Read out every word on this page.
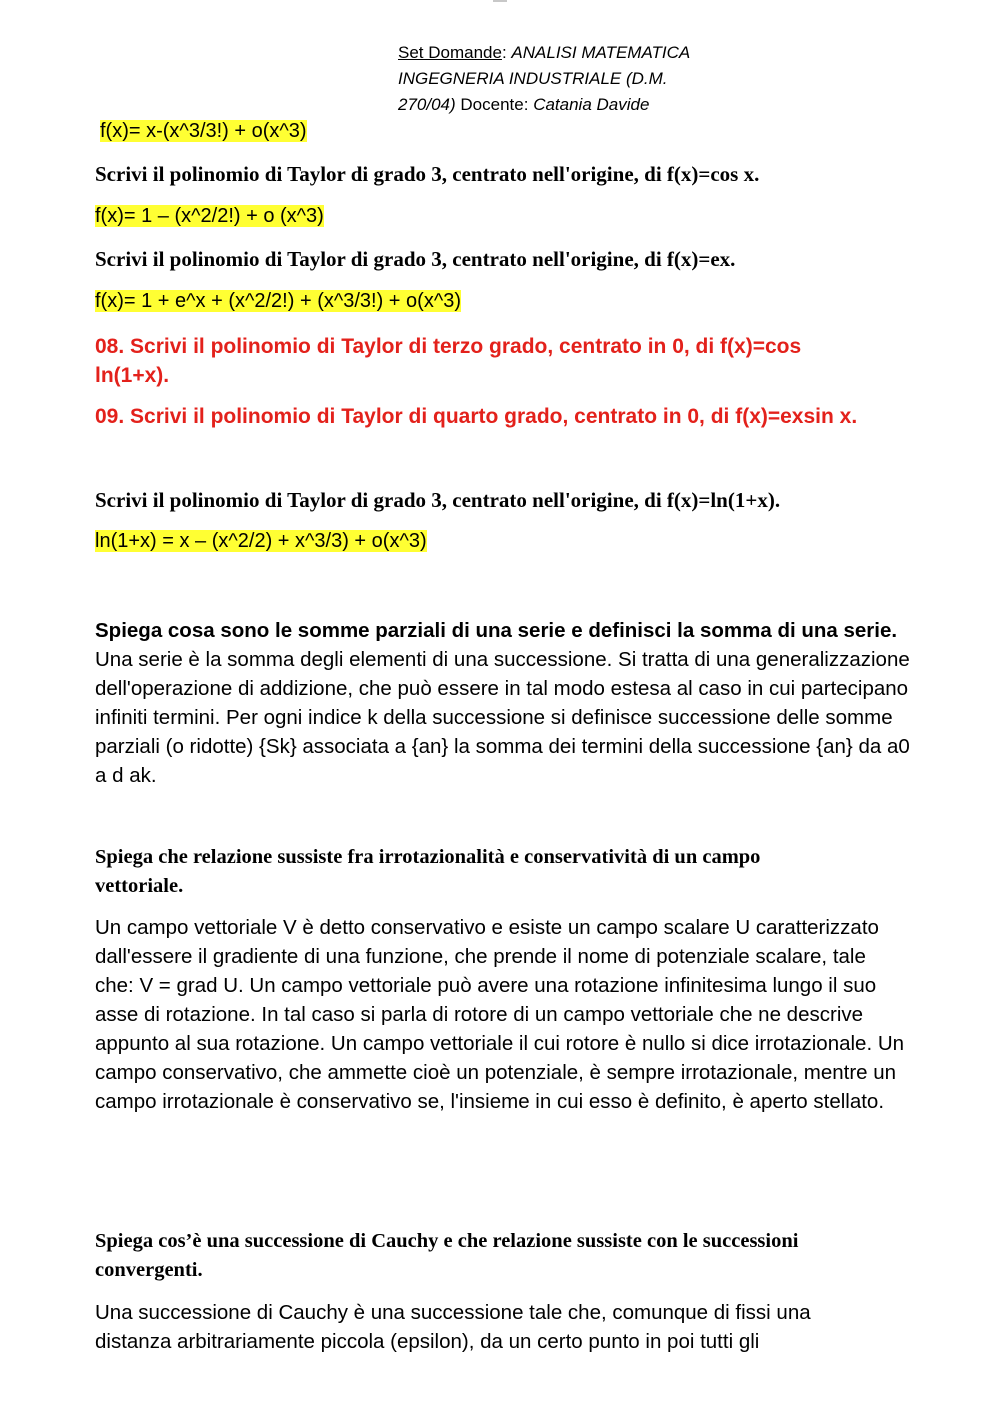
Set Domande: ANALISI MATEMATICA
INGEGNERIA INDUSTRIALE (D.M.
270/04) Docente: Catania Davide
f(x)= x-(x^3/3!) + o(x^3)
Scrivi il polinomio di Taylor di grado 3, centrato nell'origine, di f(x)=cos x.
f(x)= 1 – (x^2/2!) + o (x^3)
Scrivi il polinomio di Taylor di grado 3, centrato nell'origine, di f(x)=ex.
f(x)= 1 + e^x + (x^2/2!) + (x^3/3!) + o(x^3)
08. Scrivi il polinomio di Taylor di terzo grado, centrato in 0, di f(x)=cos
ln(1+x).
09. Scrivi il polinomio di Taylor di quarto grado, centrato in 0, di f(x)=exsin x.
Scrivi il polinomio di Taylor di grado 3, centrato nell'origine, di f(x)=ln(1+x).
ln(1+x) = x – (x^2/2) + x^3/3) + o(x^3)
Spiega cosa sono le somme parziali di una serie e definisci la somma di una serie. Una serie è la somma degli elementi di una successione. Si tratta di una generalizzazione dell'operazione di addizione, che può essere in tal modo estesa al caso in cui partecipano infiniti termini. Per ogni indice k della successione si definisce successione delle somme parziali (o ridotte) {Sk} associata a {an} la somma dei termini della successione {an} da a0 a d ak.
Spiega che relazione sussiste fra irrotazionalità e conservatività di un campo
vettoriale.
Un campo vettoriale V è detto conservativo e esiste un campo scalare U caratterizzato dall'essere il gradiente di una funzione, che prende il nome di potenziale scalare, tale che: V = grad U. Un campo vettoriale può avere una rotazione infinitesima lungo il suo asse di rotazione. In tal caso si parla di rotore di un campo vettoriale che ne descrive appunto al sua rotazione. Un campo vettoriale il cui rotore è nullo si dice irrotazionale. Un campo conservativo, che ammette cioè un potenziale, è sempre irrotazionale, mentre un campo irrotazionale è conservativo se, l'insieme in cui esso è definito, è aperto stellato.
Spiega cos’è una successione di Cauchy e che relazione sussiste con le successioni
convergenti.
Una successione di Cauchy è una successione tale che, comunque di fissi una distanza arbitrariamente piccola (epsilon), da un certo punto in poi tutti gli
